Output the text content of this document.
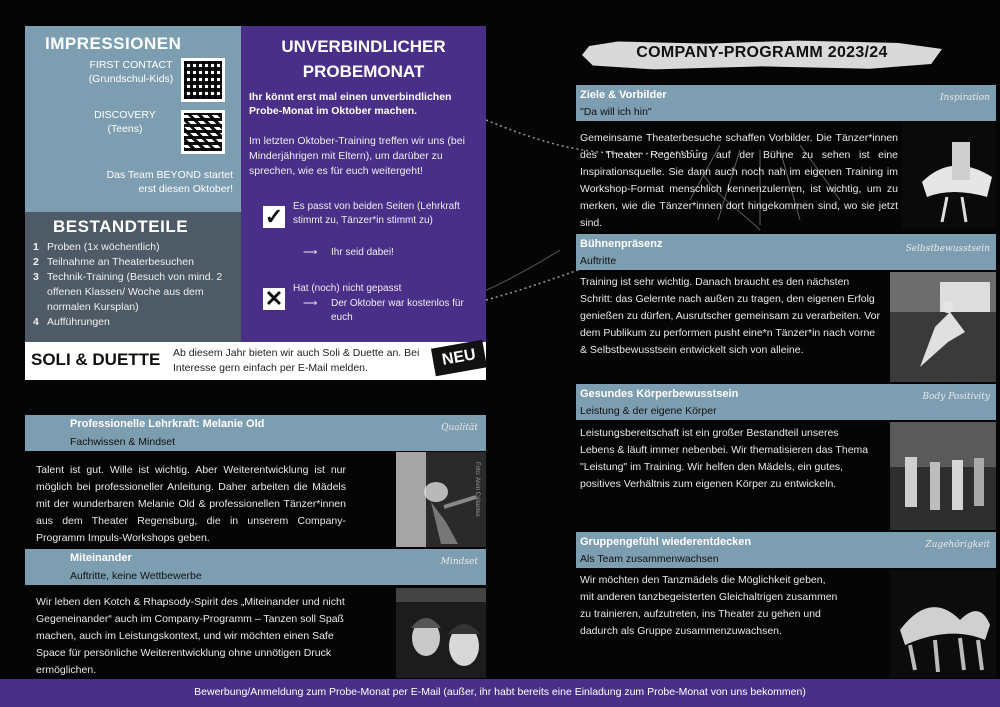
IMPRESSIONEN
FIRST CONTACT
(Grundschul-Kids)
DISCOVERY
(Teens)
Das Team BEYOND startet
erst diesen Oktober!
UNVERBINDLICHER
PROBEMONAT
Ihr könnt erst mal einen unverbindlichen Probe-Monat im Oktober machen.
Im letzten Oktober-Training treffen wir uns (bei Minderjährigen mit Eltern), um darüber zu sprechen, wie es für euch weitergeht!
✓ Es passt von beiden Seiten (Lehrkraft stimmt zu, Tänzer*in stimmt zu)
⟶ Ihr seid dabei!
✕ Hat (noch) nicht gepasst
⟶ Der Oktober war kostenlos für euch
BESTANDTEILE
1 Proben (1x wöchentlich)
2 Teilnahme an Theaterbesuchen
3 Technik-Training (Besuch von mind. 2 offenen Klassen/ Woche aus dem normalen Kursplan)
4 Aufführungen
SOLI & DUETTE Ab diesem Jahr bieten wir auch Soli & Duette an. Bei Interesse gern einfach per E-Mail melden.	NEU
Professionelle Lehrkraft: Melanie Old
Fachwissen & Mindset
Qualität
Talent ist gut. Wille ist wichtig. Aber Weiterentwicklung ist nur möglich bei professioneller Anleitung. Daher arbeiten die Mädels mit der wunderbaren Melanie Old & professionellen Tänzer*innen aus dem Theater Regensburg, die in unserem Company-Programm Impuls-Workshops geben.
Foto: Alvin Callantes
Miteinander
Auftritte, keine Wettbewerbe
Mindset
Wir leben den Kotch & Rhapsody-Spirit des „Miteinander und nicht Gegeneinander“ auch im Company-Programm – Tanzen soll Spaß machen, auch im Leistungskontext, und wir möchten einen Safe Space für persönliche Weiterentwicklung ohne unnötigen Druck ermöglichen.
COMPANY-PROGRAMM 2023/24
Ziele & Vorbilder
"Da will ich hin"
Inspiration
Gemeinsame Theaterbesuche schaffen Vorbilder. Die Tänzer*innen des Theater Regensburg auf der Bühne zu sehen ist eine Inspirationsquelle. Sie dann auch noch nah im eigenen Training im Workshop-Format menschlich kennenzulernen, ist wichtig, um zu merken, wie die Tänzer*innen dort hingekommen sind, wo sie jetzt sind.
Bühnenpräsenz
Auftritte
Selbstbewusstsein
Training ist sehr wichtig. Danach braucht es den nächsten Schritt: das Gelernte nach außen zu tragen, den eigenen Erfolg genießen zu dürfen, Ausrutscher gemeinsam zu verarbeiten. Vor dem Publikum zu performen pusht eine*n Tänzer*in nach vorne & Selbstbewusstsein entwickelt sich von alleine.
Gesundes Körperbewusstsein
Leistung & der eigene Körper
Body Positivity
Leistungsbereitschaft ist ein großer Bestandteil unseres Lebens & läuft immer nebenbei. Wir thematisieren das Thema "Leistung" im Training. Wir helfen den Mädels, ein gutes, positives Verhältnis zum eigenen Körper zu entwickeln.
Gruppengefühl wiederentdecken
Als Team zusammenwachsen
Zugehörigkeit
Wir möchten den Tanzmädels die Möglichkeit geben, mit anderen tanzbegeisterten Gleichaltrigen zusammen zu trainieren, aufzutreten, ins Theater zu gehen und dadurch als Gruppe zusammenzuwachsen.
Bewerbung/Anmeldung zum Probe-Monat per E-Mail (außer, ihr habt bereits eine Einladung zum Probe-Monat von uns bekommen)
